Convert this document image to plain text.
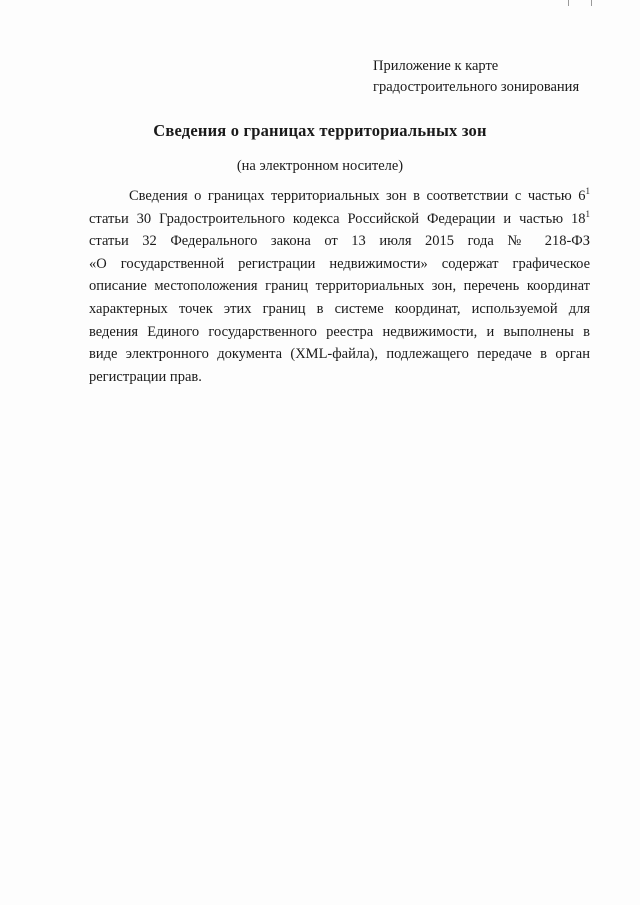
Приложение к карте
градостроительного зонирования
Сведения о границах территориальных зон
(на электронном носителе)
Сведения о границах территориальных зон в соответствии с частью $6^1$
статьи 30 Градостроительного кодекса Российской Федерации и частью $18^1$
статьи 32 Федерального закона от 13 июля 2015 года № 218-ФЗ
«О государственной регистрации недвижимости» содержат графическое
описание местоположения границ территориальных зон, перечень координат
характерных точек этих границ в системе координат, используемой для
ведения Единого государственного реестра недвижимости, и выполнены в
виде электронного документа (XML-файла), подлежащего передаче в орган
регистрации прав.
